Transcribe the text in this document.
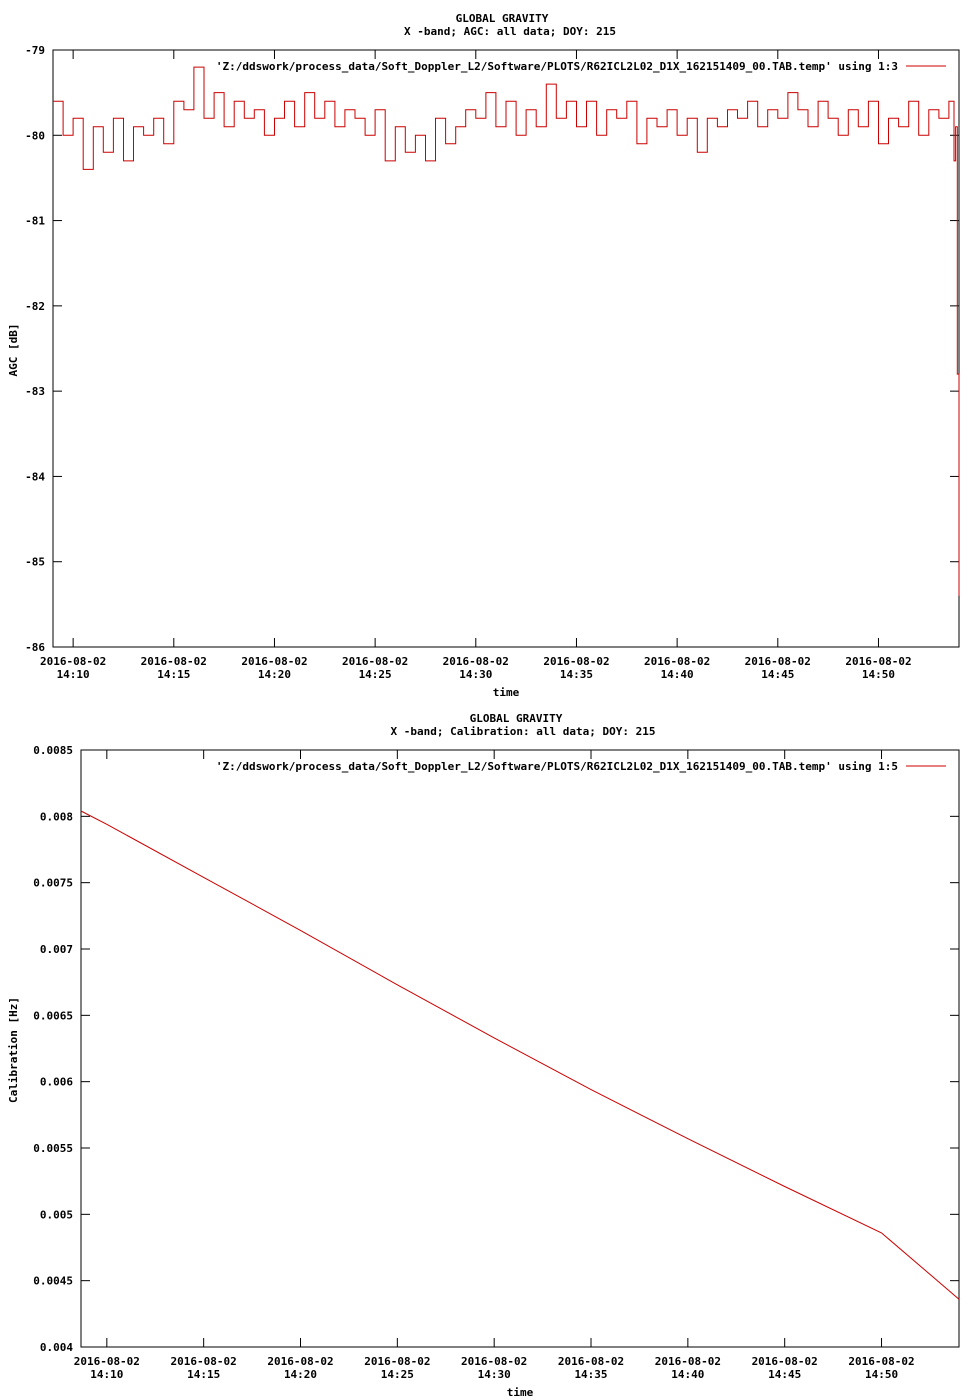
GLOBAL GRAVITY
X -band; AGC: all data; DOY: 215
-79
-80
-81
-82
-83
-84
-85
-86
2016-08-02
14:10
2016-08-02
14:15
2016-08-02
14:20
2016-08-02
14:25
2016-08-02
14:30
2016-08-02
14:35
2016-08-02
14:40
2016-08-02
14:45
2016-08-02
14:50
AGC [dB]
time
'Z:/ddswork/process_data/Soft_Doppler_L2/Software/PLOTS/R62ICL2L02_D1X_162151409_00.TAB.temp' using 1:3
GLOBAL GRAVITY
X -band; Calibration: all data; DOY: 215
0.0085
0.008
0.0075
0.007
0.0065
0.006
0.0055
0.005
0.0045
0.004
2016-08-02
14:10
2016-08-02
14:15
2016-08-02
14:20
2016-08-02
14:25
2016-08-02
14:30
2016-08-02
14:35
2016-08-02
14:40
2016-08-02
14:45
2016-08-02
14:50
Calibration [Hz]
time
'Z:/ddswork/process_data/Soft_Doppler_L2/Software/PLOTS/R62ICL2L02_D1X_162151409_00.TAB.temp' using 1:5
